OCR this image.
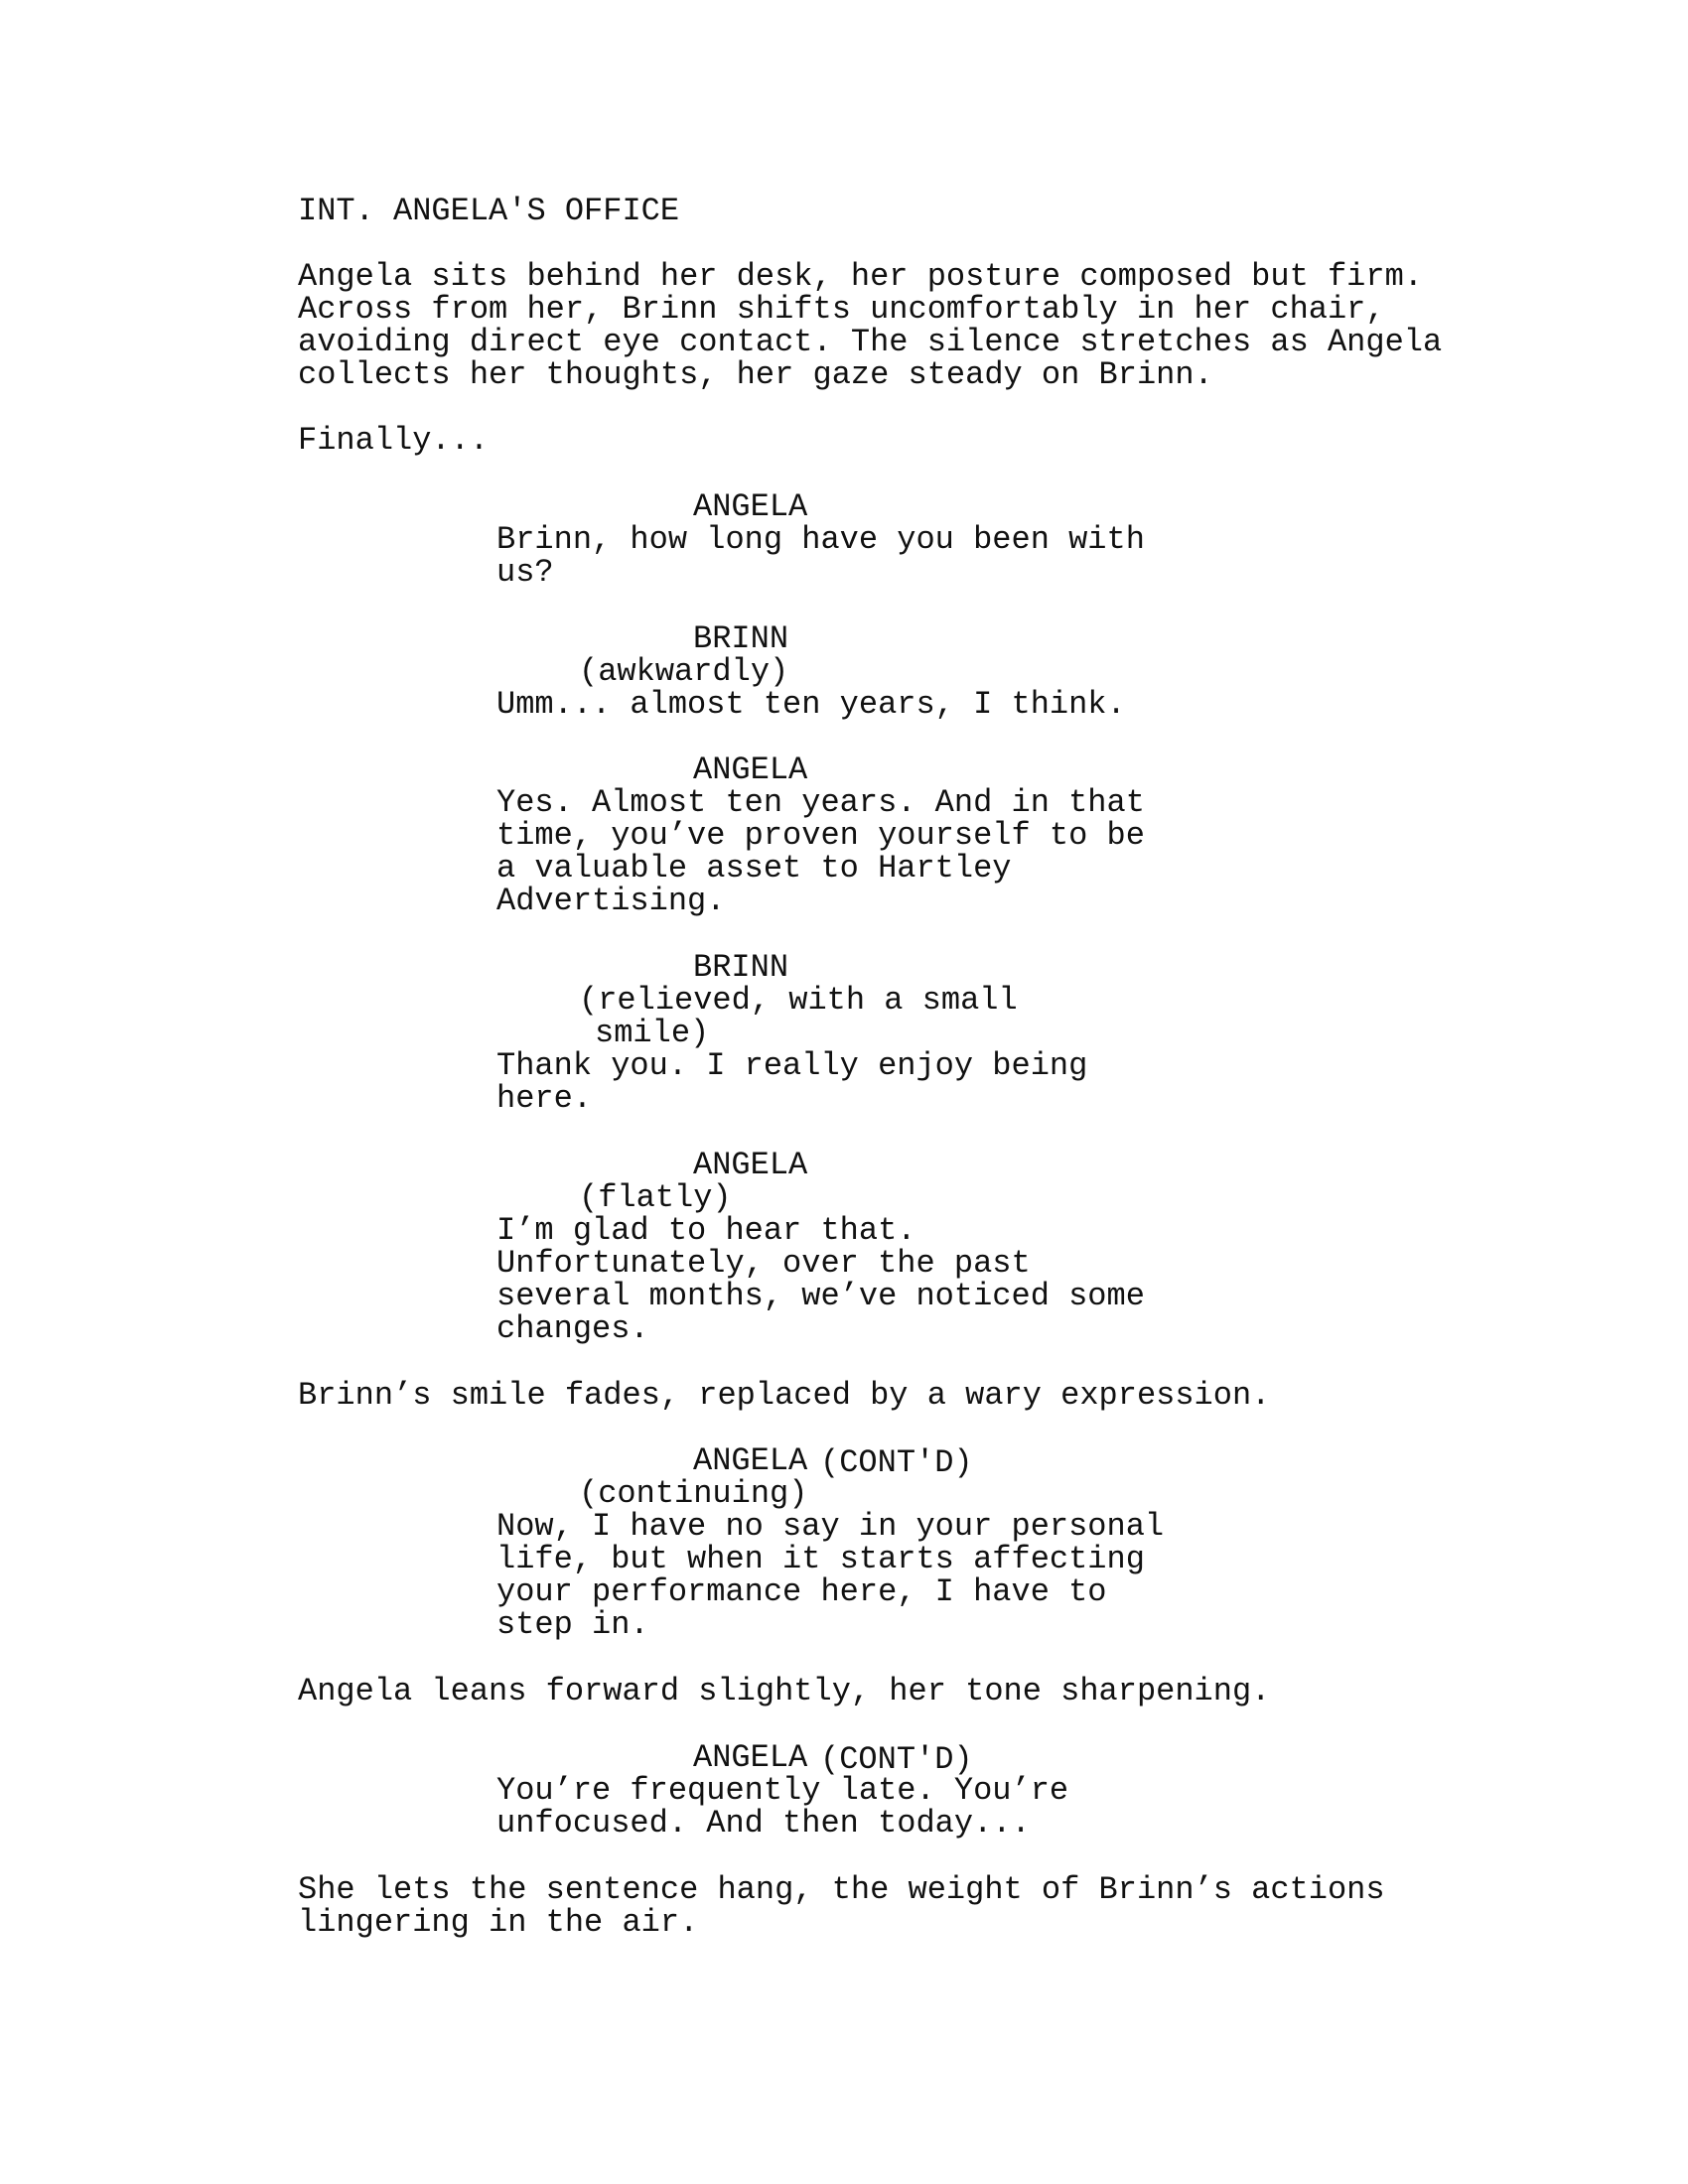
INT. ANGELA'S OFFICE

Angela sits behind her desk, her posture composed but firm.

Across from her, Brinn shifts uncomfortably in her chair,

avoiding direct eye contact. The silence stretches as Angela

collects her thoughts, her gaze steady on Brinn.

Finally...

ANGELA

Brinn, how long have you been with

us?

BRINN

(awkwardly)

Umm... almost ten years, I think.

ANGELA

Yes. Almost ten years. And in that

time, you’ve proven yourself to be

a valuable asset to Hartley

Advertising.

BRINN

(relieved, with a small

smile)

Thank you. I really enjoy being

here.

ANGELA

(flatly)

I’m glad to hear that.

Unfortunately, over the past

several months, we’ve noticed some

changes.

Brinn’s smile fades, replaced by a wary expression.

ANGELA (CONT'D)

(continuing)

Now, I have no say in your personal

life, but when it starts affecting

your performance here, I have to

step in.

Angela leans forward slightly, her tone sharpening.

ANGELA (CONT'D)

You’re frequently late. You’re

unfocused. And then today...

She lets the sentence hang, the weight of Brinn’s actions

lingering in the air.
